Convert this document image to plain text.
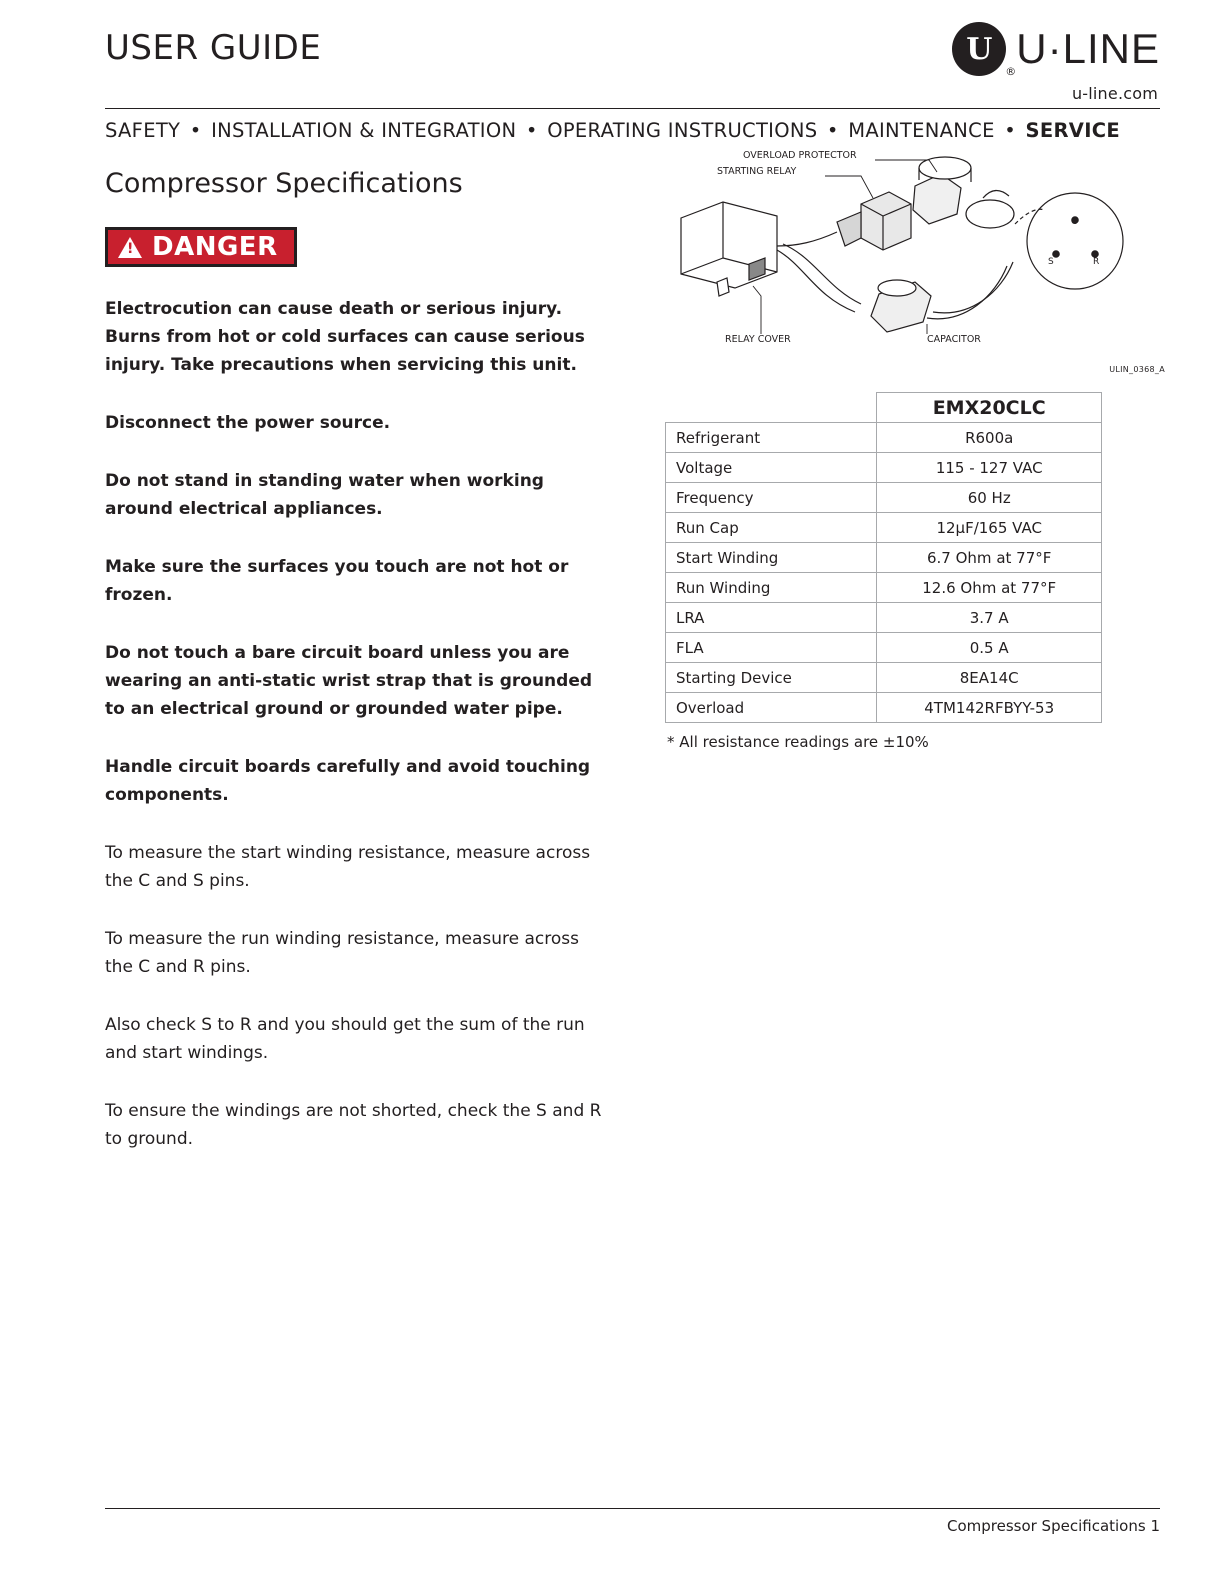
USER GUIDE	U
® U·LINE
u-line.com
SAFETY • INSTALLATION & INTEGRATION • OPERATING INSTRUCTIONS • MAINTENANCE • SERVICE
Compressor Specifications
!
DANGER

Electrocution can cause death or serious injury. Burns from hot or cold surfaces can cause serious injury. Take precautions when servicing this unit.

Disconnect the power source.

Do not stand in standing water when working around electrical appliances.

Make sure the surfaces you touch are not hot or frozen.

Do not touch a bare circuit board unless you are wearing an anti-static wrist strap that is grounded to an electrical ground or grounded water pipe.

Handle circuit boards carefully and avoid touching components.

To measure the start winding resistance, measure across the C and S pins.

To measure the run winding resistance, measure across the C and R pins.

Also check S to R and you should get the sum of the run and start windings.

To ensure the windings are not shorted, check the S and R to ground.

OVERLOAD PROTECTOR
STARTING RELAY
RELAY COVER	CAPACITOR
C
S	R
ULIN_0368_A
	EMX20CLC
Refrigerant	R600a
Voltage	115 - 127 VAC
Frequency	60 Hz
Run Cap	12µF/165 VAC
Start Winding	6.7 Ohm at 77°F
Run Winding	12.6 Ohm at 77°F
LRA	3.7 A
FLA	0.5 A
Starting Device	8EA14C
Overload	4TM142RFBYY-53
* All resistance readings are ±10%
Compressor Specifications 1
